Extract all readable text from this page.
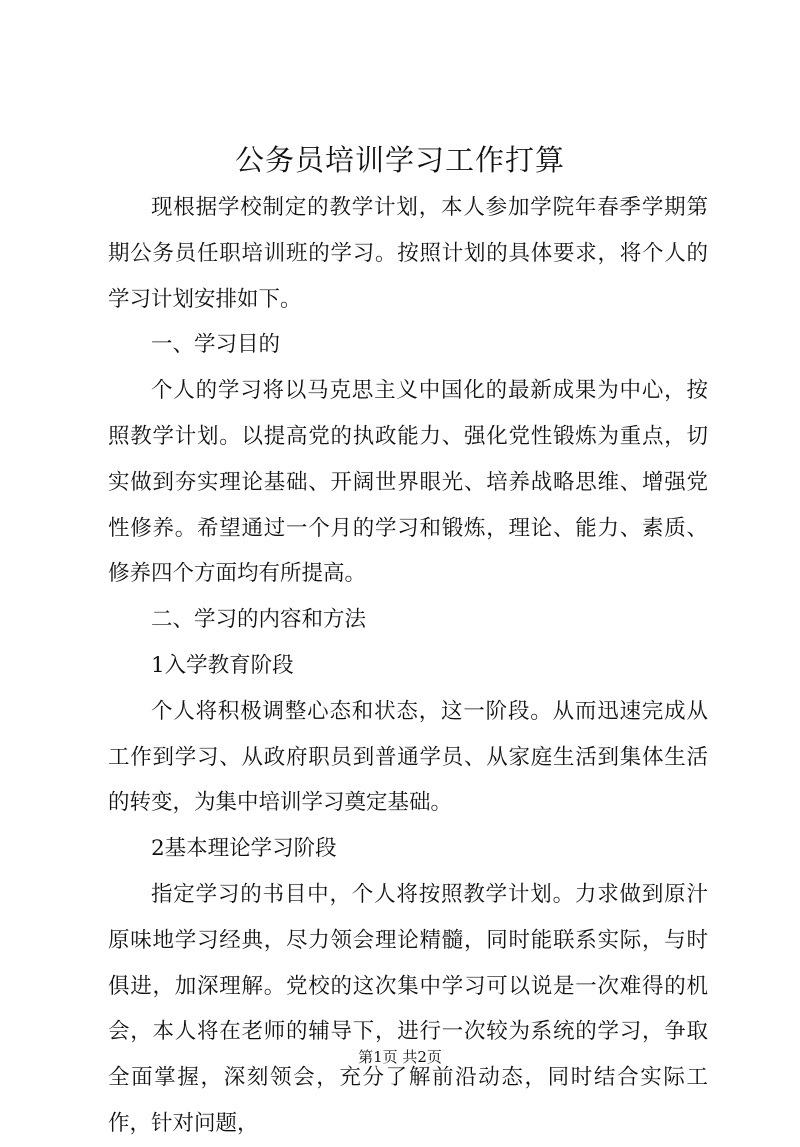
公务员培训学习工作打算

现根据学校制定的教学计划，本人参加学院年春季学期第期公务员任职培训班的学习。按照计划的具体要求，将个人的学习计划安排如下。

一、学习目的

个人的学习将以马克思主义中国化的最新成果为中心，按照教学计划。以提高党的执政能力、强化党性锻炼为重点，切实做到夯实理论基础、开阔世界眼光、培养战略思维、增强党性修养。希望通过一个月的学习和锻炼，理论、能力、素质、修养四个方面均有所提高。

二、学习的内容和方法

1入学教育阶段

个人将积极调整心态和状态，这一阶段。从而迅速完成从工作到学习、从政府职员到普通学员、从家庭生活到集体生活的转变，为集中培训学习奠定基础。

2基本理论学习阶段

指定学习的书目中，个人将按照教学计划。力求做到原汁原味地学习经典，尽力领会理论精髓，同时能联系实际，与时俱进，加深理解。党校的这次集中学习可以说是一次难得的机会，本人将在老师的辅导下，进行一次较为系统的学习，争取全面掌握，深刻领会，充分了解前沿动态，同时结合实际工作，针对问题，

第1页 共2页
